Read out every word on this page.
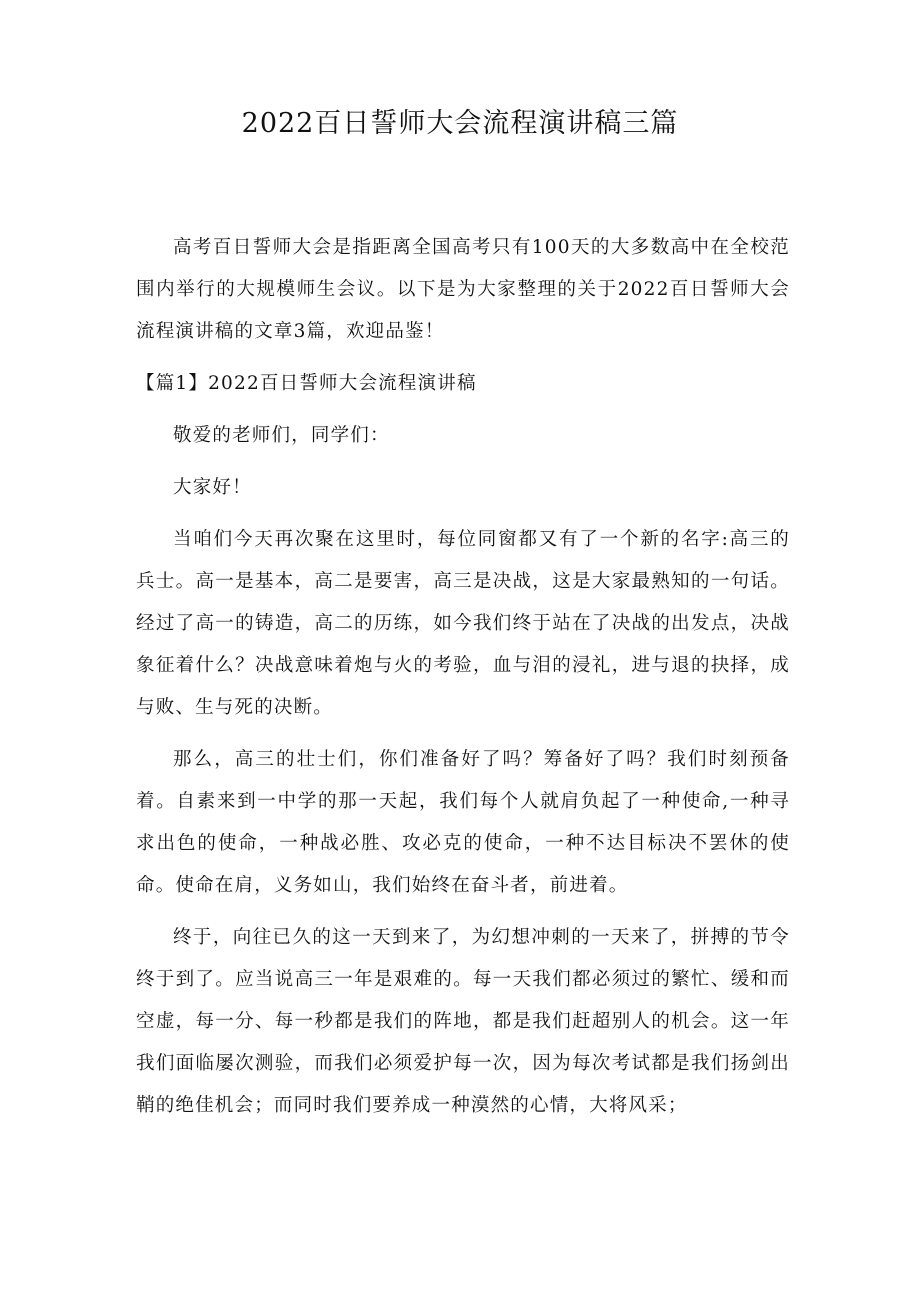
2022百日誓师大会流程演讲稿三篇

高考百日誓师大会是指距离全国高考只有100天的大多数高中在全校范围内举行的大规模师生会议。以下是为大家整理的关于2022百日誓师大会流程演讲稿的文章3篇，欢迎品鉴！

【篇1】2022百日誓师大会流程演讲稿

敬爱的老师们，同学们：

大家好！

当咱们今天再次聚在这里时，每位同窗都又有了一个新的名字:高三的兵士。高一是基本，高二是要害，高三是决战，这是大家最熟知的一句话。经过了高一的铸造，高二的历练，如今我们终于站在了决战的出发点，决战象征着什么？决战意味着炮与火的考验，血与泪的浸礼，进与退的抉择，成与败、生与死的决断。

那么，高三的壮士们，你们准备好了吗？筹备好了吗？我们时刻预备着。自素来到一中学的那一天起，我们每个人就肩负起了一种使命,一种寻求出色的使命，一种战必胜、攻必克的使命，一种不达目标决不罢休的使命。使命在肩，义务如山，我们始终在奋斗者，前进着。

终于，向往已久的这一天到来了，为幻想冲刺的一天来了，拼搏的节令终于到了。应当说高三一年是艰难的。每一天我们都必须过的繁忙、缓和而空虚，每一分、每一秒都是我们的阵地，都是我们赶超别人的机会。这一年我们面临屡次测验，而我们必须爱护每一次，因为每次考试都是我们扬剑出鞘的绝佳机会；而同时我们要养成一种漠然的心情，大将风采；
